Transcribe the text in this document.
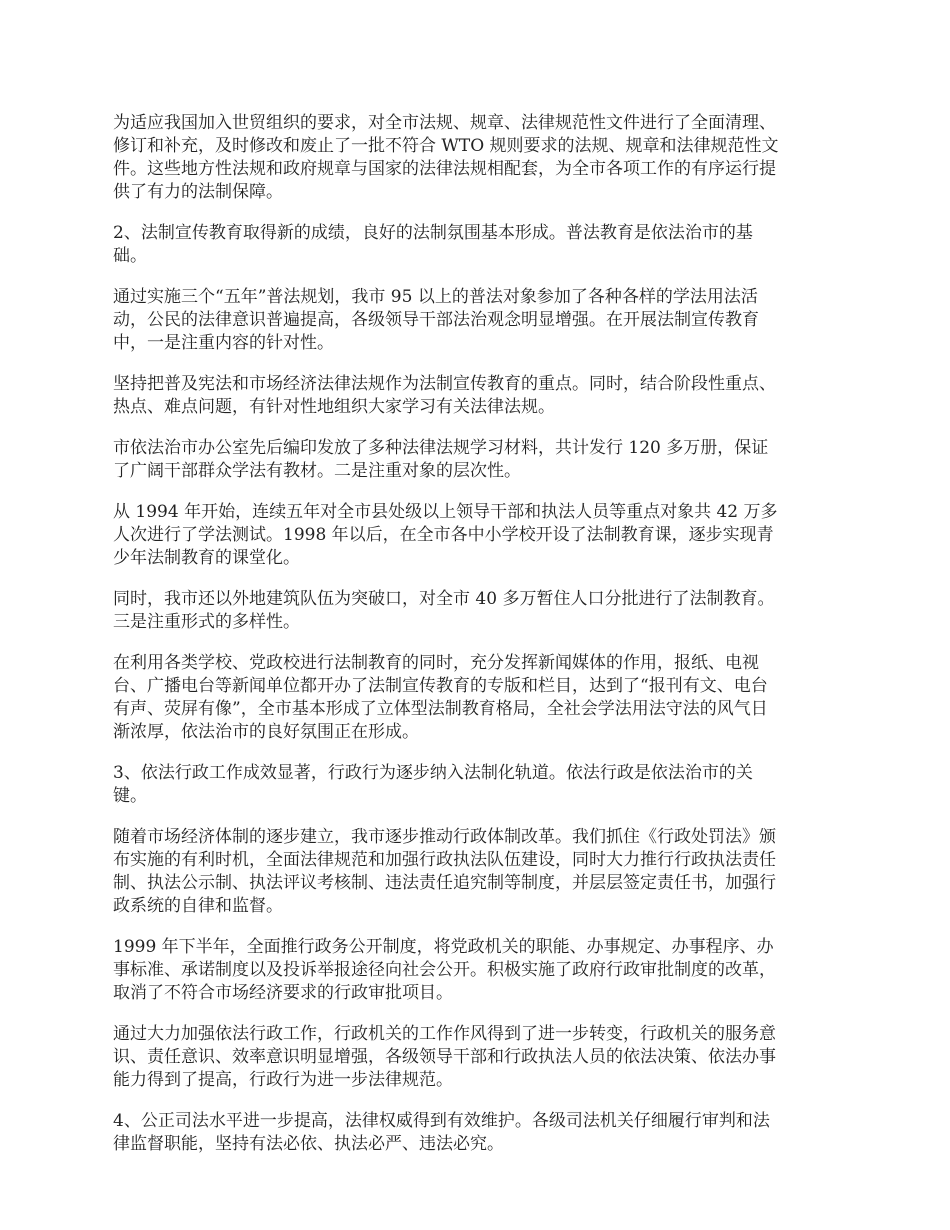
为适应我国加入世贸组织的要求，对全市法规、规章、法律规范性文件进行了全面清理、
修订和补充，及时修改和废止了一批不符合 WTO 规则要求的法规、规章和法律规范性文
件。这些地方性法规和政府规章与国家的法律法规相配套，为全市各项工作的有序运行提
供了有力的法制保障。

2、法制宣传教育取得新的成绩，良好的法制氛围基本形成。普法教育是依法治市的基
础。

通过实施三个“五年”普法规划，我市 95 以上的普法对象参加了各种各样的学法用法活
动，公民的法律意识普遍提高，各级领导干部法治观念明显增强。在开展法制宣传教育
中，一是注重内容的针对性。

坚持把普及宪法和市场经济法律法规作为法制宣传教育的重点。同时，结合阶段性重点、
热点、难点问题，有针对性地组织大家学习有关法律法规。

市依法治市办公室先后编印发放了多种法律法规学习材料，共计发行 120 多万册，保证
了广阔干部群众学法有教材。二是注重对象的层次性。

从 1994 年开始，连续五年对全市县处级以上领导干部和执法人员等重点对象共 42 万多
人次进行了学法测试。1998 年以后，在全市各中小学校开设了法制教育课，逐步实现青
少年法制教育的课堂化。

同时，我市还以外地建筑队伍为突破口，对全市 40 多万暂住人口分批进行了法制教育。
三是注重形式的多样性。

在利用各类学校、党政校进行法制教育的同时，充分发挥新闻媒体的作用，报纸、电视
台、广播电台等新闻单位都开办了法制宣传教育的专版和栏目，达到了“报刊有文、电台
有声、荧屏有像”，全市基本形成了立体型法制教育格局，全社会学法用法守法的风气日
渐浓厚，依法治市的良好氛围正在形成。

3、依法行政工作成效显著，行政行为逐步纳入法制化轨道。依法行政是依法治市的关
键。

随着市场经济体制的逐步建立，我市逐步推动行政体制改革。我们抓住《行政处罚法》颁
布实施的有利时机，全面法律规范和加强行政执法队伍建设，同时大力推行行政执法责任
制、执法公示制、执法评议考核制、违法责任追究制等制度，并层层签定责任书，加强行
政系统的自律和监督。

1999 年下半年，全面推行政务公开制度，将党政机关的职能、办事规定、办事程序、办
事标准、承诺制度以及投诉举报途径向社会公开。积极实施了政府行政审批制度的改革，
取消了不符合市场经济要求的行政审批项目。

通过大力加强依法行政工作，行政机关的工作作风得到了进一步转变，行政机关的服务意
识、责任意识、效率意识明显增强，各级领导干部和行政执法人员的依法决策、依法办事
能力得到了提高，行政行为进一步法律规范。

4、公正司法水平进一步提高，法律权威得到有效维护。各级司法机关仔细履行审判和法
律监督职能，坚持有法必依、执法必严、违法必究。
